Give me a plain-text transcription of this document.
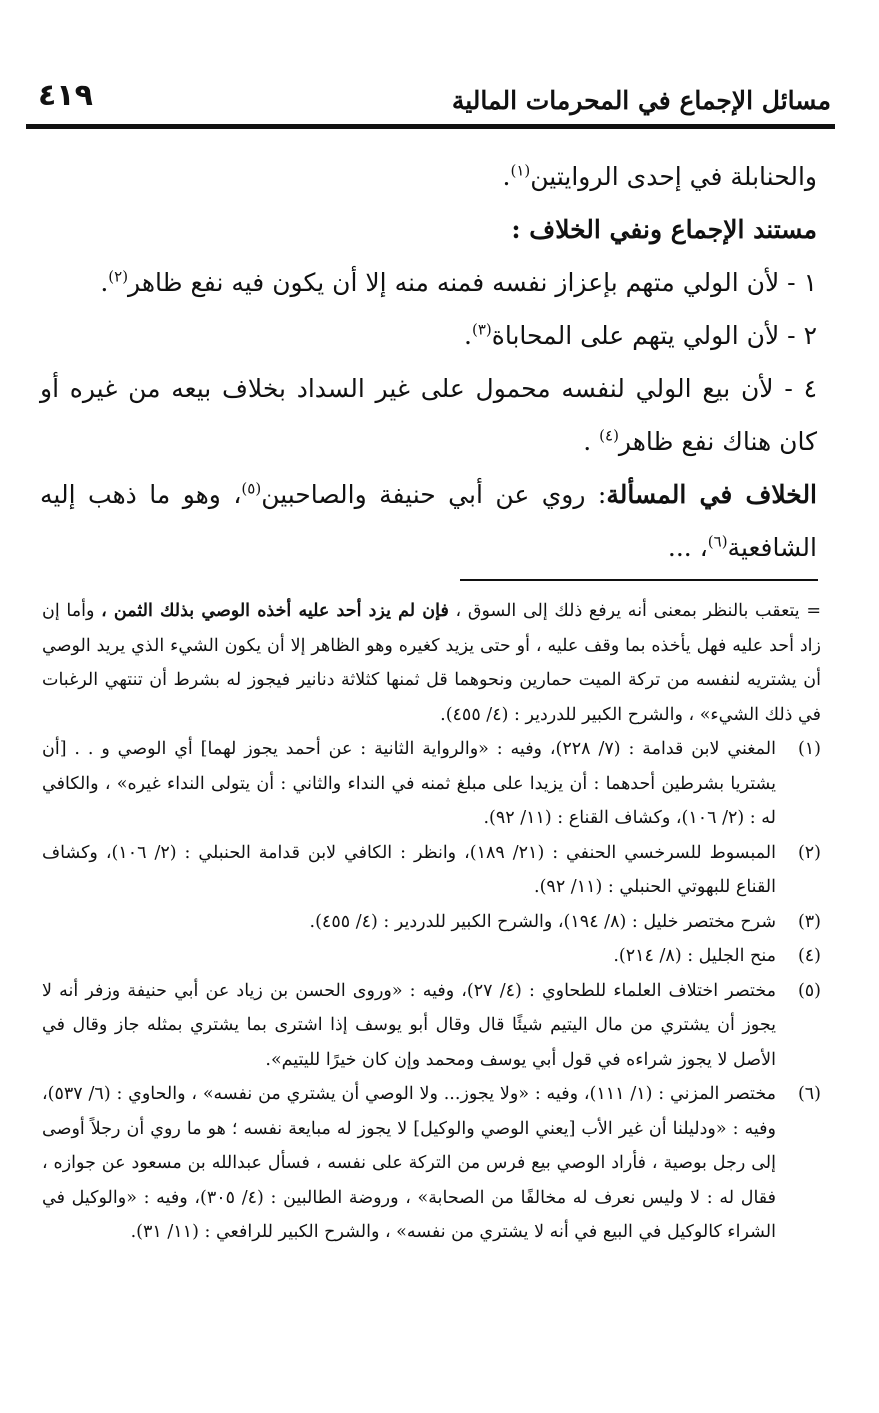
٤١٩	مسائل الإجماع في المحرمات المالية

والحنابلة في إحدى الروايتين$^{(١)}$.

مستند الإجماع ونفي الخلاف :

١ - لأن الولي متهم بإعزاز نفسه فمنه منه إلا أن يكون فيه نفع ظاهر$^{(٢)}$.

٢ - لأن الولي يتهم على المحاباة$^{(٣)}$.

٤ - لأن بيع الولي لنفسه محمول على غير السداد بخلاف بيعه من غيره أو كان هناك نفع ظاهر$^{(٤)}$ .

الخلاف في المسألة: روي عن أبي حنيفة والصاحبين$^{(٥)}$، وهو ما ذهب إليه الشافعية$^{(٦)}$، ...

= يتعقب بالنظر بمعنى أنه يرفع ذلك إلى السوق ، فإن لم يزد أحد عليه أخذه الوصي بذلك الثمن ، وأما إن زاد أحد عليه فهل يأخذه بما وقف عليه ، أو حتى يزيد كغيره وهو الظاهر إلا أن يكون الشيء الذي يريد الوصي أن يشتريه لنفسه من تركة الميت حمارين ونحوهما قل ثمنها كثلاثة دنانير فيجوز له بشرط أن تنتهي الرغبات في ذلك الشيء» ، والشرح الكبير للدردير : (٤/ ٤٥٥).
(١)
المغني لابن قدامة : (٧/ ٢٢٨)، وفيه : «والرواية الثانية : عن أحمد يجوز لهما] أي الوصي و . . [أن يشتريا بشرطين أحدهما : أن يزيدا على مبلغ ثمنه في النداء والثاني : أن يتولى النداء غيره» ، والكافي له : (٢/ ١٠٦)، وكشاف القناع : (١١/ ٩٢).
(٢)
المبسوط للسرخسي الحنفي : (٢١/ ١٨٩)، وانظر : الكافي لابن قدامة الحنبلي : (٢/ ١٠٦)، وكشاف القناع للبهوتي الحنبلي : (١١/ ٩٢).
(٣)
شرح مختصر خليل : (٨/ ١٩٤)، والشرح الكبير للدردير : (٤/ ٤٥٥).
(٤)
منح الجليل : (٨/ ٢١٤).
(٥)
مختصر اختلاف العلماء للطحاوي : (٤/ ٢٧)، وفيه : «وروى الحسن بن زياد عن أبي حنيفة وزفر أنه لا يجوز أن يشتري من مال اليتيم شيئًا قال وقال أبو يوسف إذا اشترى بما يشتري بمثله جاز وقال في الأصل لا يجوز شراءه في قول أبي يوسف ومحمد وإن كان خيرًا لليتيم».
(٦)
مختصر المزني : (١/ ١١١)، وفيه : «ولا يجوز... ولا الوصي أن يشتري من نفسه» ، والحاوي : (٦/ ٥٣٧)، وفيه : «ودليلنا أن غير الأب [يعني الوصي والوكيل] لا يجوز له مبايعة نفسه ؛ هو ما روي أن رجلاً أوصى إلى رجل بوصية ، فأراد الوصي بيع فرس من التركة على نفسه ، فسأل عبدالله بن مسعود عن جوازه ، فقال له : لا وليس نعرف له مخالفًا من الصحابة» ، وروضة الطالبين : (٤/ ٣٠٥)، وفيه : «والوكيل في الشراء كالوكيل في البيع في أنه لا يشتري من نفسه» ، والشرح الكبير للرافعي : (١١/ ٣١).
